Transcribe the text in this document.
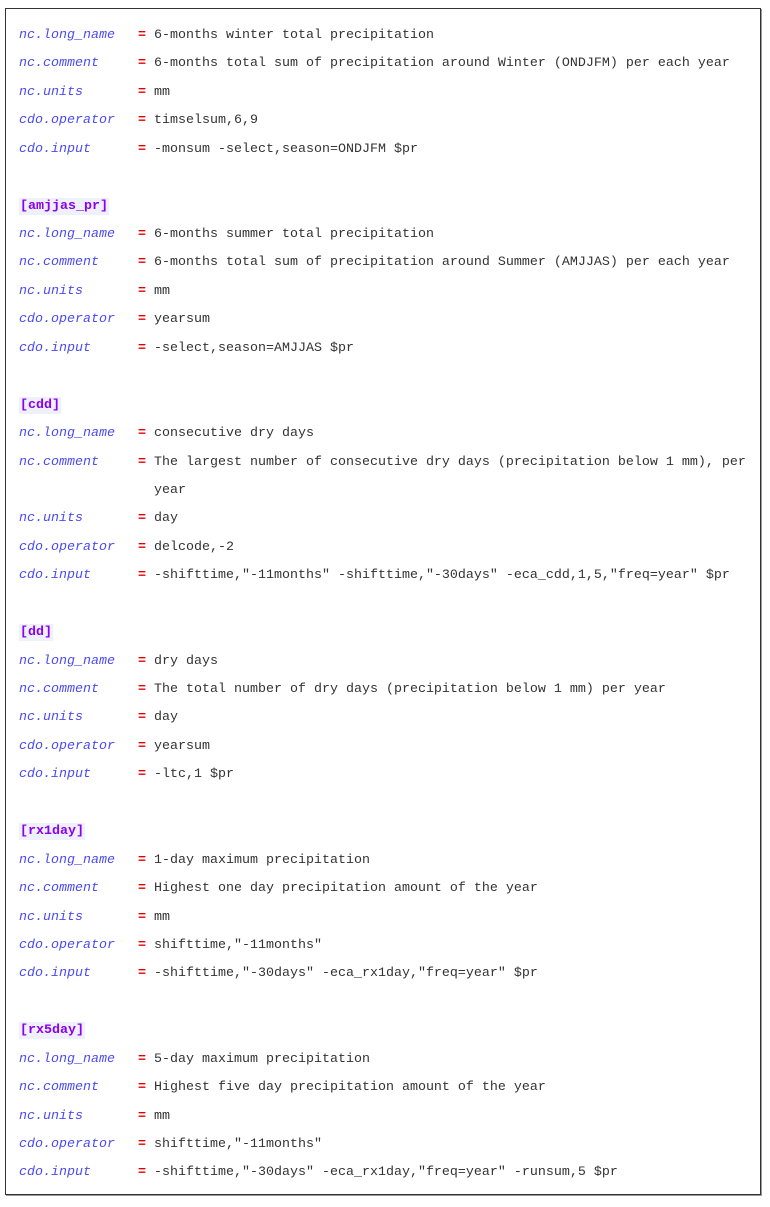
nc.long_name	= 6-months winter total precipitation
nc.comment	= 6-months total sum of precipitation around Winter (ONDJFM) per each year
nc.units	= mm
cdo.operator	= timselsum,6,9
cdo.input	= -monsum -select,season=ONDJFM $pr
[amjjas_pr]
nc.long_name	= 6-months summer total precipitation
nc.comment	= 6-months total sum of precipitation around Summer (AMJJAS) per each year
nc.units	= mm
cdo.operator	= yearsum
cdo.input	= -select,season=AMJJAS $pr
[cdd]
nc.long_name	= consecutive dry days
nc.comment	= The largest number of consecutive dry days (precipitation below 1 mm), per year
nc.units	= day
cdo.operator	= delcode,-2
cdo.input	= -shifttime,"-11months" -shifttime,"-30days" -eca_cdd,1,5,"freq=year" $pr
[dd]
nc.long_name	= dry days
nc.comment	= The total number of dry days (precipitation below 1 mm) per year
nc.units	= day
cdo.operator	= yearsum
cdo.input	= -ltc,1 $pr
[rx1day]
nc.long_name	= 1-day maximum precipitation
nc.comment	= Highest one day precipitation amount of the year
nc.units	= mm
cdo.operator	= shifttime,"-11months"
cdo.input	= -shifttime,"-30days" -eca_rx1day,"freq=year" $pr
[rx5day]
nc.long_name	= 5-day maximum precipitation
nc.comment	= Highest five day precipitation amount of the year
nc.units	= mm
cdo.operator	= shifttime,"-11months"
cdo.input	= -shifttime,"-30days" -eca_rx1day,"freq=year" -runsum,5 $pr
